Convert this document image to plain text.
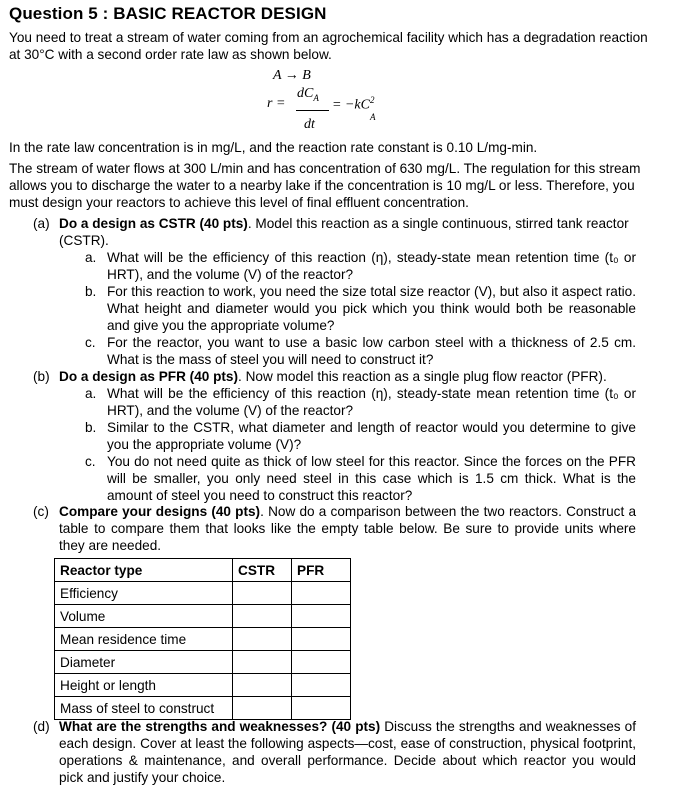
Question 5 : BASIC REACTOR DESIGN

You need to treat a stream of water coming from an agrochemical facility which has a degradation reaction at 30°C with a second order rate law as shown below.

A → B
r =
$dC_A = -kC^2$
A
dt

In the rate law concentration is in mg/L, and the reaction rate constant is 0.10 L/mg-min.

The stream of water flows at 300 L/min and has concentration of 630 mg/L. The regulation for this stream allows you to discharge the water to a nearby lake if the concentration is 10 mg/L or less. Therefore, you must design your reactors to achieve this level of final effluent concentration.

(a) Do a design as CSTR (40 pts). Model this reaction as a single continuous, stirred tank reactor (CSTR).
a. What will be the efficiency of this reaction (η), steady-state mean retention time (t₀ or HRT), and the volume (V) of the reactor?
b. For this reaction to work, you need the size total size reactor (V), but also it aspect ratio. What height and diameter would you pick which you think would both be reasonable and give you the appropriate volume?
c. For the reactor, you want to use a basic low carbon steel with a thickness of 2.5 cm. What is the mass of steel you will need to construct it?
(b) Do a design as PFR (40 pts). Now model this reaction as a single plug flow reactor (PFR).
a. What will be the efficiency of this reaction (η), steady-state mean retention time (t₀ or HRT), and the volume (V) of the reactor?
b. Similar to the CSTR, what diameter and length of reactor would you determine to give you the appropriate volume (V)?
c. You do not need quite as thick of low steel for this reactor. Since the forces on the PFR will be smaller, you only need steel in this case which is 1.5 cm thick. What is the amount of steel you need to construct this reactor?
(c) Compare your designs (40 pts). Now do a comparison between the two reactors. Construct a table to compare them that looks like the empty table below. Be sure to provide units where they are needed.
Reactor type	CSTR	PFR
Efficiency		
Volume		
Mean residence time		
Diameter		
Height or length		
Mass of steel to construct		
(d) What are the strengths and weaknesses? (40 pts) Discuss the strengths and weaknesses of each design. Cover at least the following aspects—cost, ease of construction, physical footprint, operations & maintenance, and overall performance. Decide about which reactor you would pick and justify your choice.
